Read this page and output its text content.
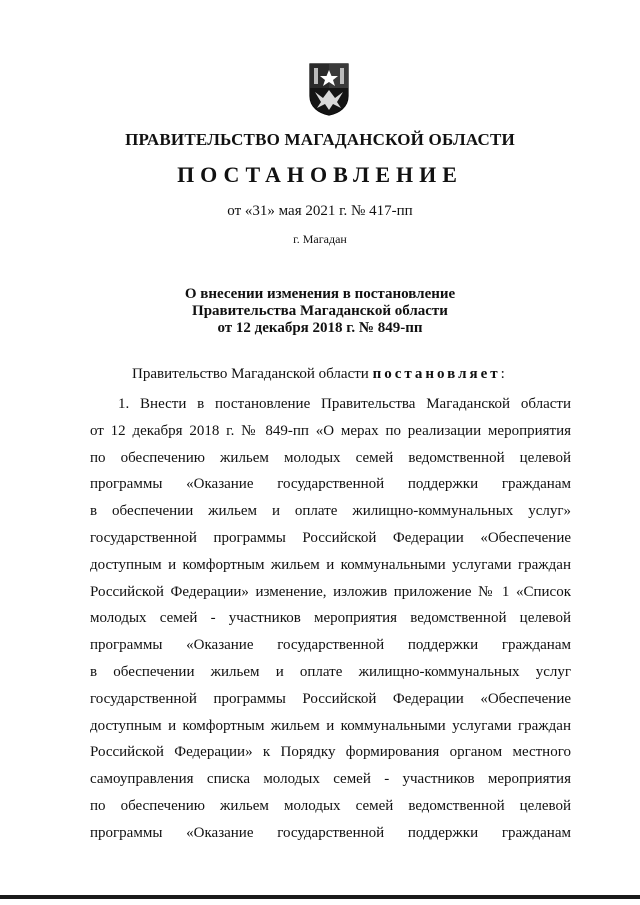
ПРАВИТЕЛЬСТВО МАГАДАНСКОЙ ОБЛАСТИ
ПОСТАНОВЛЕНИЕ
от «31» мая 2021 г. № 417-пп
г. Магадан
О внесении изменения в постановление
Правительства Магаданской области
от 12 декабря 2018 г. № 849-пп
Правительство Магаданской области постановляет:
1. Внести в постановление Правительства Магаданской области
от 12 декабря 2018 г. № 849-пп «О мерах по реализации мероприятия
по обеспечению жильем молодых семей ведомственной целевой
программы «Оказание государственной поддержки гражданам
в обеспечении жильем и оплате жилищно-коммунальных услуг»
государственной программы Российской Федерации «Обеспечение
доступным и комфортным жильем и коммунальными услугами граждан
Российской Федерации» изменение, изложив приложение № 1 «Список
молодых семей - участников мероприятия ведомственной целевой
программы «Оказание государственной поддержки гражданам
в обеспечении жильем и оплате жилищно-коммунальных услуг
государственной программы Российской Федерации «Обеспечение
доступным и комфортным жильем и коммунальными услугами граждан
Российской Федерации» к Порядку формирования органом местного
самоуправления списка молодых семей - участников мероприятия
по обеспечению жильем молодых семей ведомственной целевой
программы «Оказание государственной поддержки гражданам
